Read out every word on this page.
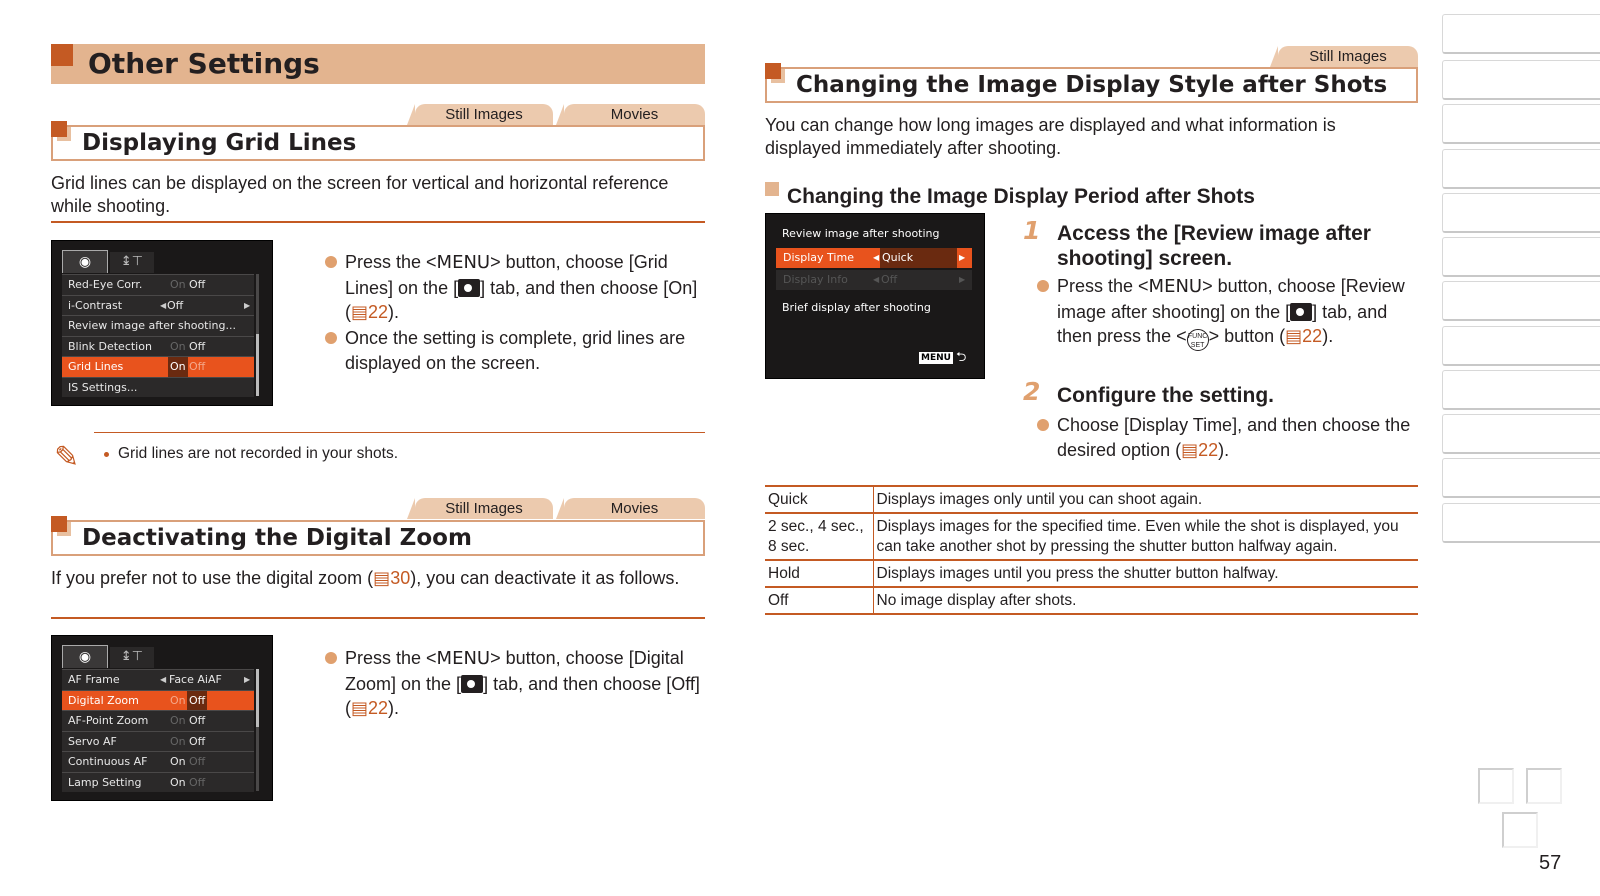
Other Settings
Still Images	Movies
Displaying Grid Lines
Grid lines can be displayed on the screen for vertical and horizontal reference while shooting.
◉	↨⊤
Red-Eye Corr.	On Off
i-Contrast	◀ Off	▶
Review image after shooting...
Blink Detection On Off
Grid Lines	On Off
IS Settings...
Press the <MENU> button, choose [Grid Lines] on the [ ] tab, and then choose [On] (▤22).
Once the setting is complete, grid lines are displayed on the screen.
✎	Grid lines are not recorded in your shots.
Still Images	Movies
Deactivating the Digital Zoom
If you prefer not to use the digital zoom (▤30), you can deactivate it as follows.
◉	↨⊤
AF Frame	◀ Face AiAF	▶
Digital Zoom	On Off
AF-Point Zoom On Off
Servo AF	On Off
Continuous AF On Off
Lamp Setting	On Off
Press the <MENU> button, choose [Digital Zoom] on the [ ] tab, and then choose [Off] (▤22).
Still Images
Changing the Image Display Style after Shots
You can change how long images are displayed and what information is displayed immediately after shooting.
Changing the Image Display Period after Shots
Review image after shooting
Display Time ◀ Quick	▶
Display Info	◀ Off	▶
Brief display after shooting
MENU ⮌
1 Access the [Review image after shooting] screen.
Press the <MENU> button, choose [Review image after shooting] on the [ ] tab, and then press the <FUNC
SET > button (▤22).
2 Configure the setting.
Choose [Display Time], and then choose the desired option (▤22).
Quick	Displays images only until you can shoot again.
2 sec., 4 sec., 8 sec.	Displays images for the specified time. Even while the shot is displayed, you can take another shot by pressing the shutter button halfway again.
Hold	Displays images until you press the shutter button halfway.
Off	No image display after shots.
57
